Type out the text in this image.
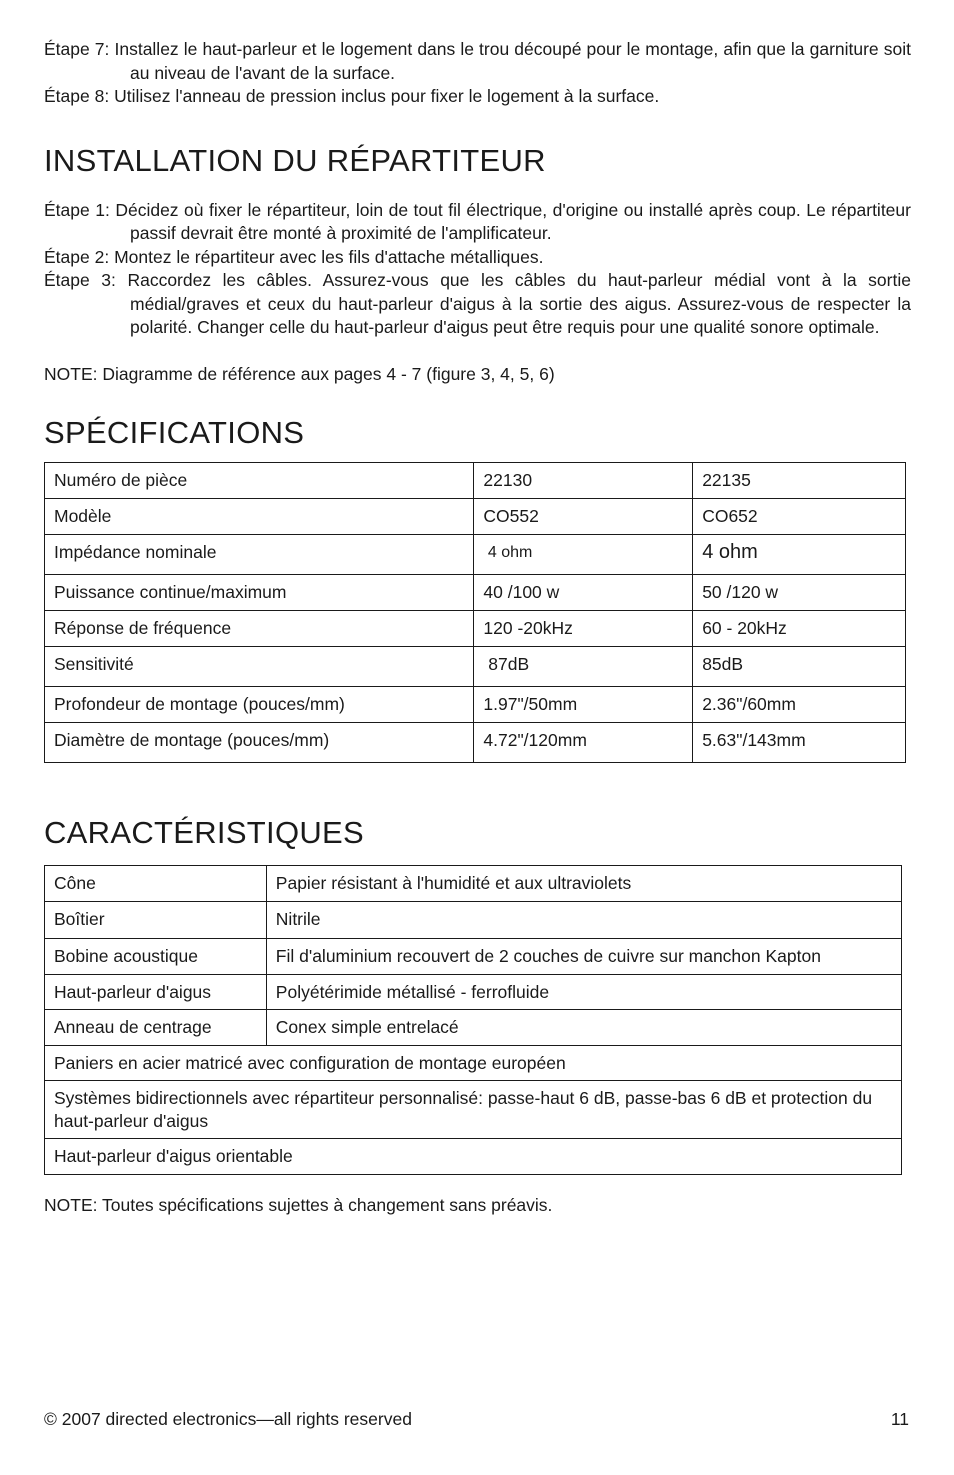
Étape 7: Installez le haut-parleur et le logement dans le trou découpé pour le montage, afin que la garniture soit au niveau de l'avant de la surface.

Étape 8: Utilisez l'anneau de pression inclus pour fixer le logement à la surface.

INSTALLATION DU RÉPARTITEUR

Étape 1: Décidez où fixer le répartiteur, loin de tout fil électrique, d'origine ou installé après coup. Le répartiteur passif devrait être monté à proximité de l'amplificateur.

Étape 2: Montez le répartiteur avec les fils d'attache métalliques.

Étape 3: Raccordez les câbles. Assurez-vous que les câbles du haut-parleur médial vont à la sortie médial/graves et ceux du haut-parleur d'aigus à la sortie des aigus. Assurez-vous de respecter la polarité. Changer celle du haut-parleur d'aigus peut être requis pour une qualité sonore optimale.

NOTE: Diagramme de référence aux pages 4 - 7 (figure 3, 4, 5, 6)

SPÉCIFICATIONS
Numéro de pièce	22130	22135
Modèle	CO552	CO652
Impédance nominale	4 ohm	4 ohm
Puissance continue/maximum	40 /100 w	50 /120 w
Réponse de fréquence	120 -20kHz	60 - 20kHz
Sensitivité	87dB	85dB
Profondeur de montage (pouces/mm)	1.97"/50mm	2.36"/60mm
Diamètre de montage (pouces/mm)	4.72"/120mm	5.63"/143mm
CARACTÉRISTIQUES
Cône	Papier résistant à l'humidité et aux ultraviolets
Boîtier	Nitrile
Bobine acoustique	Fil d'aluminium recouvert de 2 couches de cuivre sur manchon Kapton
Haut-parleur d'aigus	Polyétérimide métallisé - ferrofluide
Anneau de centrage	Conex simple entrelacé
Paniers en acier matricé avec configuration de montage européen	
Systèmes bidirectionnels avec répartiteur personnalisé: passe-haut 6 dB, passe-bas 6 dB et protection du haut-parleur d'aigus	
Haut-parleur d'aigus orientable	

NOTE: Toutes spécifications sujettes à changement sans préavis.

© 2007 directed electronics—all rights reserved	11
